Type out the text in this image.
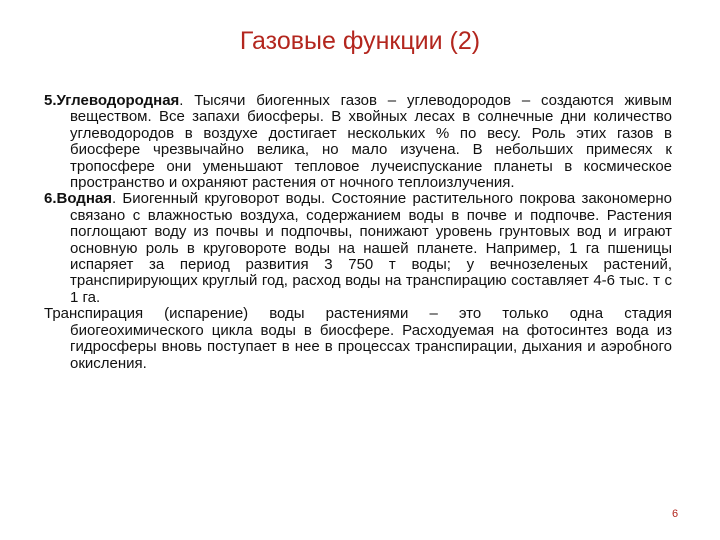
Газовые функции (2)

5.Углеводородная. Тысячи биогенных газов – углеводородов – создаются живым веществом. Все запахи биосферы. В хвойных лесах в солнечные дни количество углеводородов в воздухе достигает нескольких % по весу. Роль этих газов в биосфере чрезвычайно велика, но мало изучена. В небольших примесях к тропосфере они уменьшают тепловое лучеиспускание планеты в космическое пространство и охраняют растения от ночного теплоизлучения.

6.Водная. Биогенный круговорот воды. Состояние растительного покрова закономерно связано с влажностью воздуха, содержанием воды в почве и подпочве. Растения поглощают воду из почвы и подпочвы, понижают уровень грунтовых вод и играют основную роль в круговороте воды на нашей планете. Например, 1 га пшеницы испаряет за период развития 3 750 т воды; у вечнозеленых растений, транспирирующих круглый год, расход воды на транспирацию составляет 4-6 тыс. т с 1 га.

Транспирация (испарение) воды растениями – это только одна стадия биогеохимического цикла воды в биосфере. Расходуемая на фотосинтез вода из гидросферы вновь поступает в нее в процессах транспирации, дыхания и аэробного окисления.

6
